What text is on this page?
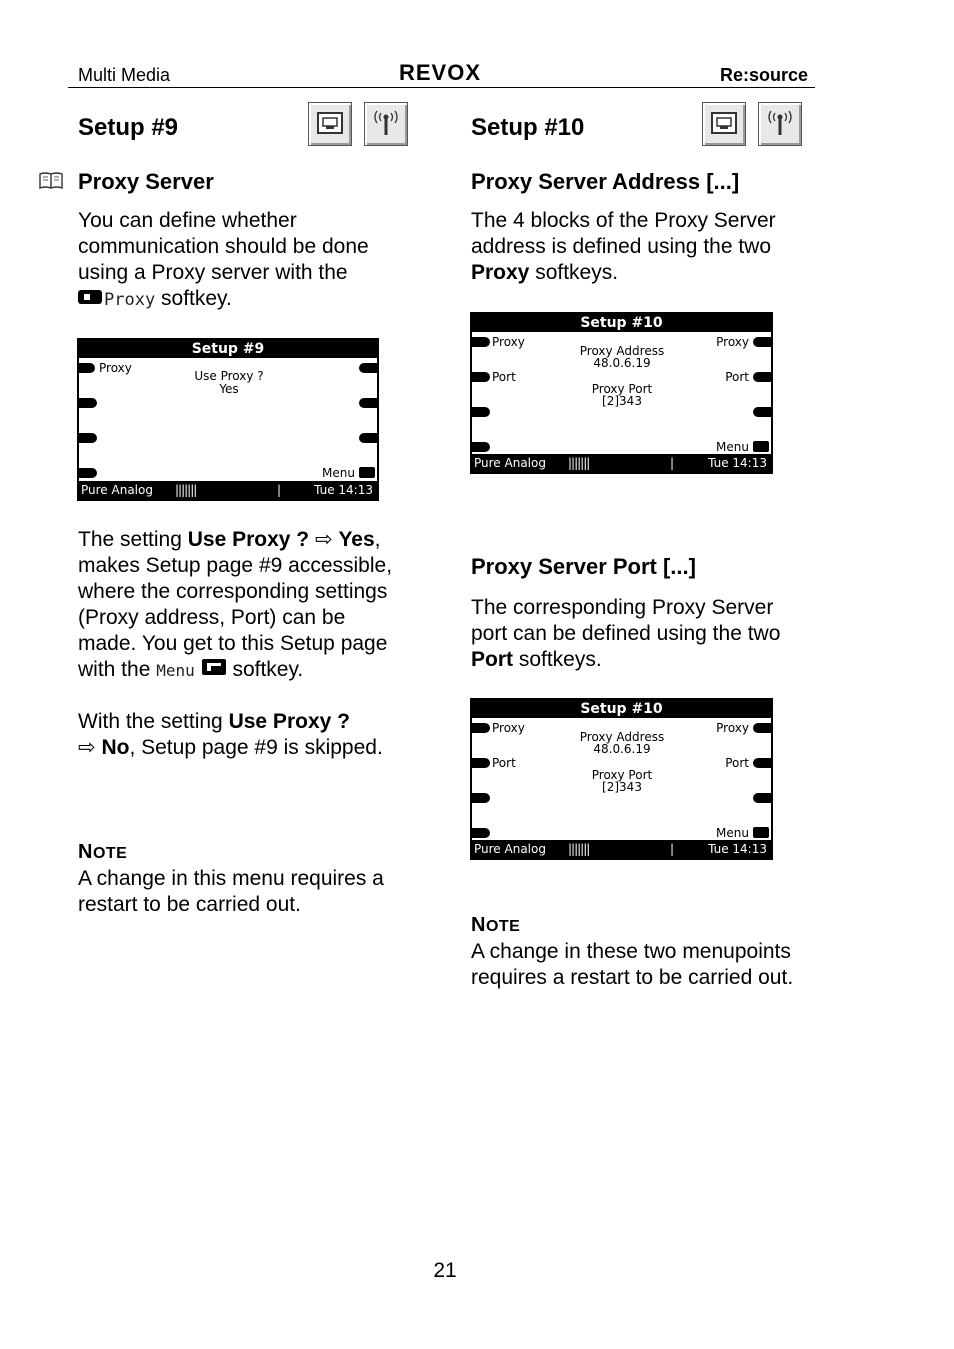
Multi Media	REVOX	Re:source
Setup #9
Proxy Server
You can define whether
communication should be done
using a Proxy server with the
Proxy softkey.
Setup #9
Proxy
Use Proxy ?
Yes
Menu
Pure Analog |||||||	|	Tue 14:13
The setting Use Proxy ? ⇨ Yes,
makes Setup page #9 accessible,
where the corresponding settings
(Proxy address, Port) can be
made. You get to this Setup page
with the Menu softkey.
With the setting Use Proxy ?
⇨ No, Setup page #9 is skipped.
NOTE
A change in this menu requires a
restart to be carried out.
Setup #10
Proxy Server Address [...]
The 4 blocks of the Proxy Server
address is defined using the two
Proxy softkeys.
Setup #10
Proxy	Proxy
Proxy Address
48.0.6.19
Port	Port
Proxy Port
[2]343
Menu
Pure Analog |||||||	|	Tue 14:13
Proxy Server Port [...]
The corresponding Proxy Server
port can be defined using the two
Port softkeys.
Setup #10
Proxy	Proxy
Proxy Address
48.0.6.19
Port	Port
Proxy Port
[2]343
Menu
Pure Analog |||||||	|	Tue 14:13
NOTE
A change in these two menupoints
requires a restart to be carried out.
21
